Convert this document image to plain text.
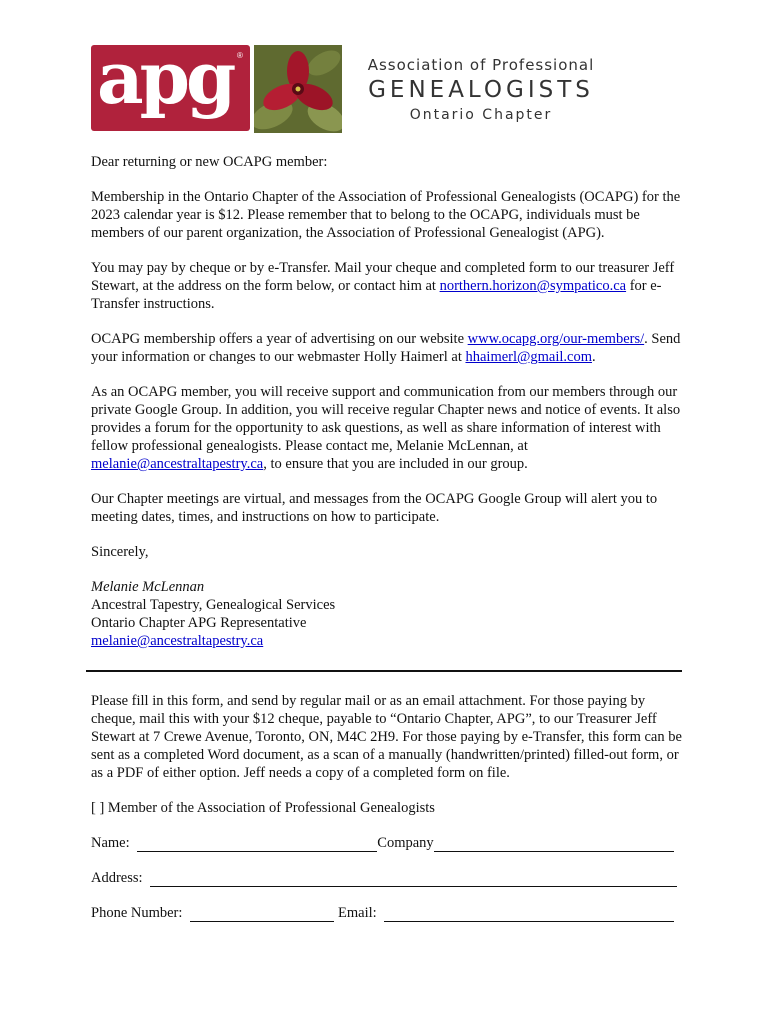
apg ®
Association of Professional
GENEALOGISTS
Ontario Chapter

Dear returning or new OCAPG member:

Membership in the Ontario Chapter of the Association of Professional Genealogists (OCAPG) for the 2023 calendar year is $12. Please remember that to belong to the OCAPG, individuals must be members of our parent organization, the Association of Professional Genealogist (APG).

You may pay by cheque or by e-Transfer. Mail your cheque and completed form to our treasurer Jeff Stewart, at the address on the form below, or contact him at northern.horizon@sympatico.ca for e-Transfer instructions.

OCAPG membership offers a year of advertising on our website www.ocapg.org/our-members/. Send your information or changes to our webmaster Holly Haimerl at hhaimerl@gmail.com.

As an OCAPG member, you will receive support and communication from our members through our private Google Group. In addition, you will receive regular Chapter news and notice of events. It also provides a forum for the opportunity to ask questions, as well as share information of interest with fellow professional genealogists. Please contact me, Melanie McLennan, at melanie@ancestraltapestry.ca, to ensure that you are included in our group.

Our Chapter meetings are virtual, and messages from the OCAPG Google Group will alert you to meeting dates, times, and instructions on how to participate.

Sincerely,

Melanie McLennan

Ancestral Tapestry, Genealogical Services

Ontario Chapter APG Representative

melanie@ancestraltapestry.ca

Please fill in this form, and send by regular mail or as an email attachment. For those paying by cheque, mail this with your $12 cheque, payable to “Ontario Chapter, APG”, to our Treasurer Jeff Stewart at 7 Crewe Avenue, Toronto, ON, M4C 2H9. For those paying by e-Transfer, this form can be sent as a completed Word document, as a scan of a manually (handwritten/printed) filled-out form, or as a PDF of either option. Jeff needs a copy of a completed form on file.

[ ] Member of the Association of Professional Genealogists

Name:	Company
Address:
Phone Number:	Email:
